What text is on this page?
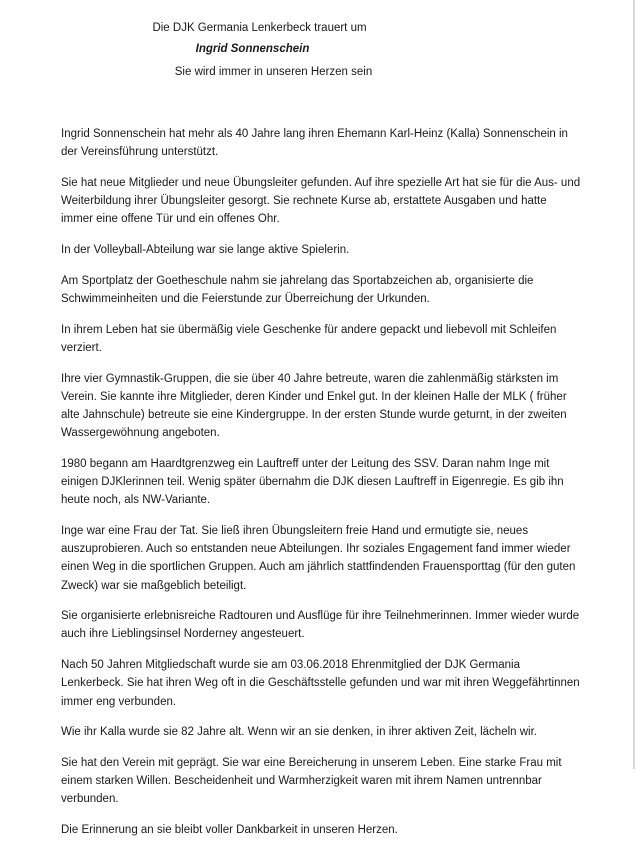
Die DJK Germania Lenkerbeck trauert um
Ingrid Sonnenschein
Sie wird immer in unseren Herzen sein

Ingrid Sonnenschein hat mehr als 40 Jahre lang ihren Ehemann Karl-Heinz (Kalla) Sonnenschein in der Vereinsführung unterstützt.

Sie hat neue Mitglieder und neue Übungsleiter gefunden. Auf ihre spezielle Art hat sie für die Aus- und Weiterbildung ihrer Übungsleiter gesorgt. Sie rechnete Kurse ab, erstattete Ausgaben und hatte immer eine offene Tür und ein offenes Ohr.

In der Volleyball-Abteilung war sie lange aktive Spielerin.

Am Sportplatz der Goetheschule nahm sie jahrelang das Sportabzeichen ab, organisierte die Schwimmeinheiten und die Feierstunde zur Überreichung der Urkunden.

In ihrem Leben hat sie übermäßig viele Geschenke für andere gepackt und liebevoll mit Schleifen verziert.

Ihre vier Gymnastik-Gruppen, die sie über 40 Jahre betreute, waren die zahlenmäßig stärksten im Verein. Sie kannte ihre Mitglieder, deren Kinder und Enkel gut. In der kleinen Halle der MLK ( früher alte Jahnschule) betreute sie eine Kindergruppe. In der ersten Stunde wurde geturnt, in der zweiten Wassergewöhnung angeboten.

1980 begann am Haardtgrenzweg ein Lauftreff unter der Leitung des SSV. Daran nahm Inge mit einigen DJKlerinnen teil. Wenig später übernahm die DJK diesen Lauftreff in Eigenregie. Es gib ihn heute noch, als NW-Variante.

Inge war eine Frau der Tat. Sie ließ ihren Übungsleitern freie Hand und ermutigte sie, neues auszuprobieren. Auch so entstanden neue Abteilungen. Ihr soziales Engagement fand immer wieder einen Weg in die sportlichen Gruppen. Auch am jährlich stattfindenden Frauensporttag (für den guten Zweck) war sie maßgeblich beteiligt.

Sie organisierte erlebnisreiche Radtouren und Ausflüge für ihre Teilnehmerinnen. Immer wieder wurde auch ihre Lieblingsinsel Norderney angesteuert.

Nach 50 Jahren Mitgliedschaft wurde sie am 03.06.2018 Ehrenmitglied der DJK Germania Lenkerbeck. Sie hat ihren Weg oft in die Geschäftsstelle gefunden und war mit ihren Weggefährtinnen immer eng verbunden.

Wie ihr Kalla wurde sie 82 Jahre alt. Wenn wir an sie denken, in ihrer aktiven Zeit, lächeln wir.

Sie hat den Verein mit geprägt. Sie war eine Bereicherung in unserem Leben. Eine starke Frau mit einem starken Willen. Bescheidenheit und Warmherzigkeit waren mit ihrem Namen untrennbar verbunden.

Die Erinnerung an sie bleibt voller Dankbarkeit in unseren Herzen.
